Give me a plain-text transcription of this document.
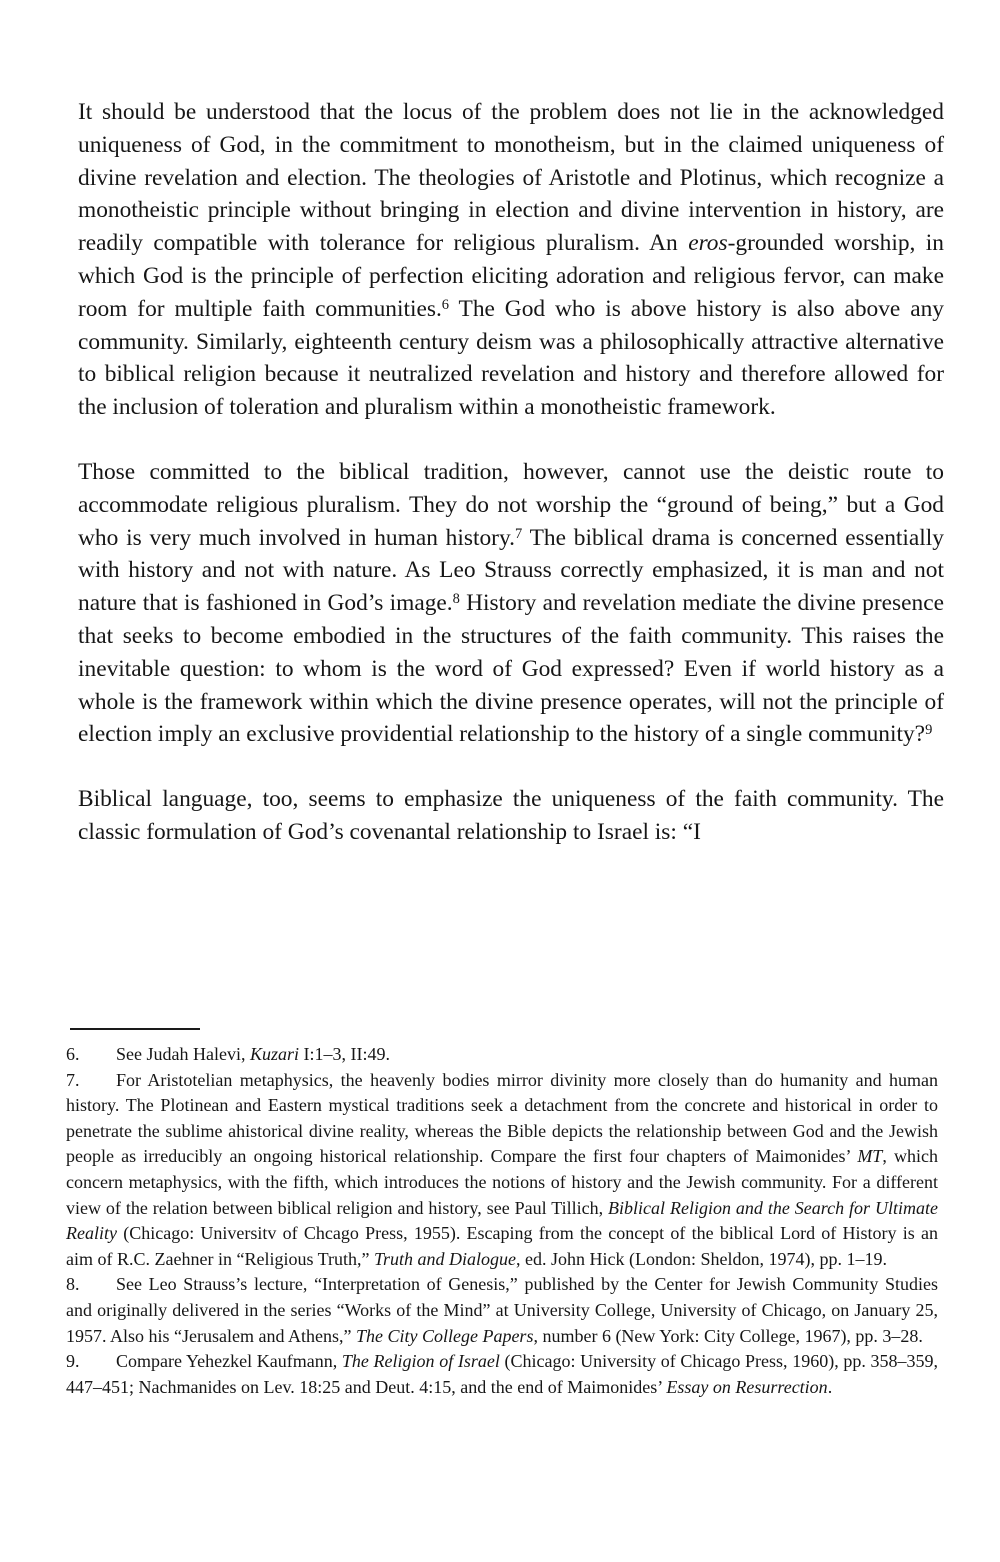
It should be understood that the locus of the problem does not lie in the acknowledged uniqueness of God, in the commitment to monotheism, but in the claimed uniqueness of divine revelation and election. The theologies of Aristotle and Plotinus, which recognize a monotheistic principle without bringing in election and divine intervention in history, are readily compatible with tolerance for religious pluralism. An eros-grounded worship, in which God is the principle of perfection eliciting adoration and religious fervor, can make room for multiple faith communities.$^6$ The God who is above history is also above any community. Similarly, eighteenth century deism was a philosophically attractive alternative to biblical religion because it neutralized revelation and history and therefore allowed for the inclusion of toleration and pluralism within a monotheistic framework.

Those committed to the biblical tradition, however, cannot use the deistic route to accommodate religious pluralism. They do not worship the “ground of being,” but a God who is very much involved in human history.$^7$ The biblical drama is concerned essentially with history and not with nature. As Leo Strauss correctly emphasized, it is man and not nature that is fashioned in God’s image.$^8$ History and revelation mediate the divine presence that seeks to become embodied in the structures of the faith community. This raises the inevitable question: to whom is the word of God expressed? Even if world history as a whole is the framework within which the divine presence operates, will not the principle of election imply an exclusive providential relationship to the history of a single community?$^9$

Biblical language, too, seems to emphasize the uniqueness of the faith community. The classic formulation of God’s covenantal relationship to Israel is: “I

6. See Judah Halevi, Kuzari I:1–3, II:49.

7. For Aristotelian metaphysics, the heavenly bodies mirror divinity more closely than do humanity and human history. The Plotinean and Eastern mystical traditions seek a detachment from the concrete and historical in order to penetrate the sublime ahistorical divine reality, whereas the Bible depicts the relationship between God and the Jewish people as irreducibly an ongoing historical relationship. Compare the first four chapters of Maimonides’ MT, which concern metaphysics, with the fifth, which introduces the notions of history and the Jewish community. For a different view of the relation between biblical religion and history, see Paul Tillich, Biblical Religion and the Search for Ultimate Reality (Chicago: Universitv of Chcago Press, 1955). Escaping from the concept of the biblical Lord of History is an aim of R.C. Zaehner in “Religious Truth,” Truth and Dialogue, ed. John Hick (London: Sheldon, 1974), pp. 1–19.

8. See Leo Strauss’s lecture, “Interpretation of Genesis,” published by the Center for Jewish Community Studies and originally delivered in the series “Works of the Mind” at University College, University of Chicago, on January 25, 1957. Also his “Jerusalem and Athens,” The City College Papers, number 6 (New York: City College, 1967), pp. 3–28.

9. Compare Yehezkel Kaufmann, The Religion of Israel (Chicago: University of Chicago Press, 1960), pp. 358–359, 447–451; Nachmanides on Lev. 18:25 and Deut. 4:15, and the end of Maimonides’ Essay on Resurrection.
